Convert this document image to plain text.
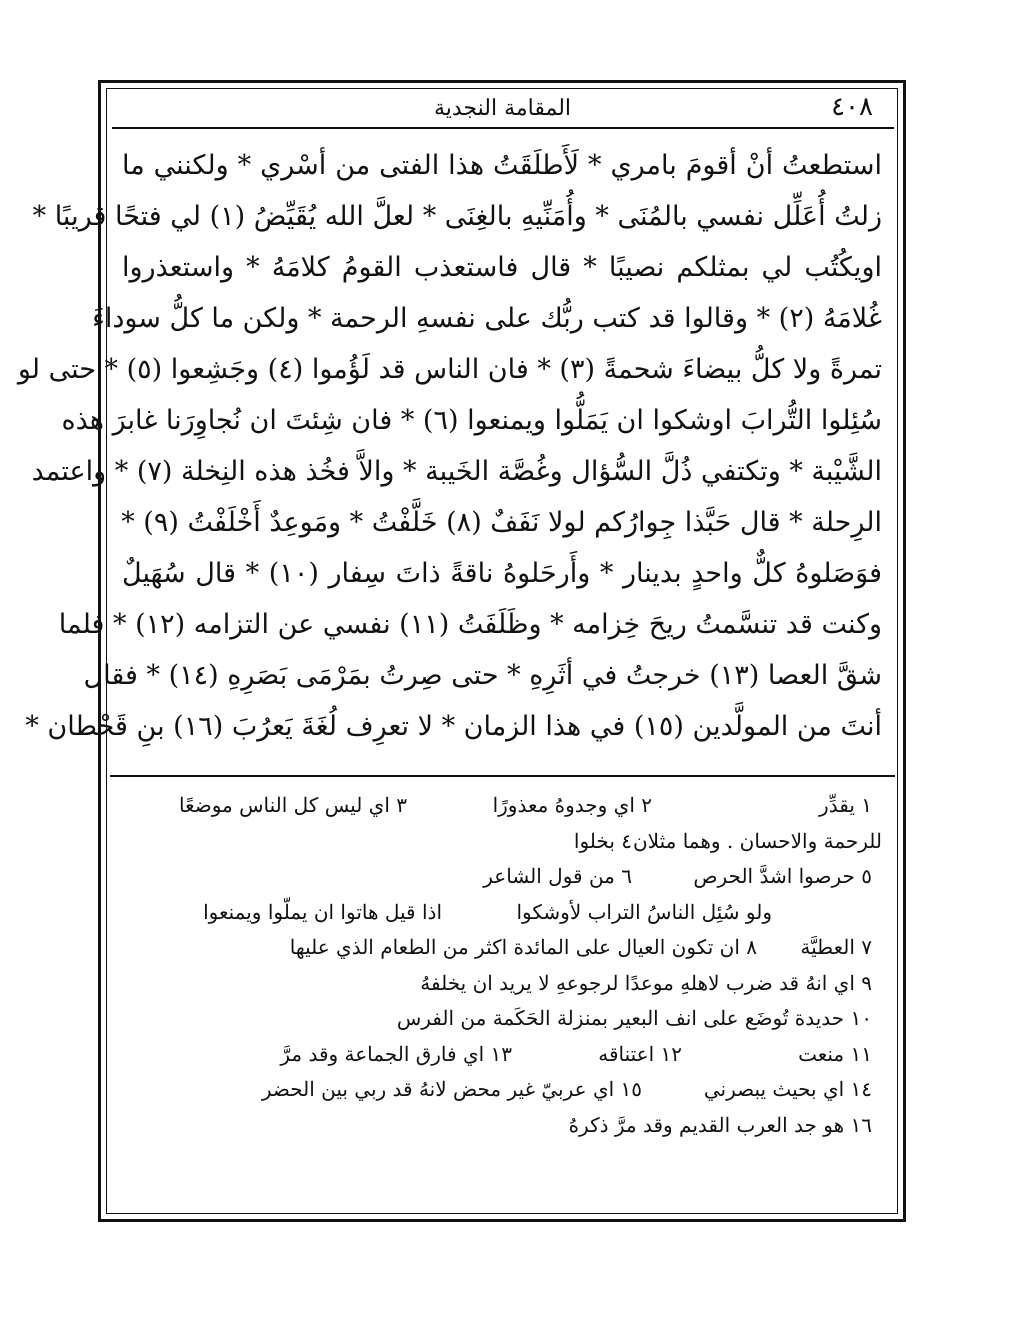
٤٠٨
المقامة النجدية
استطعتُ أنْ أقومَ بامري * لَأَطلَقَتُ هذا الفتى من أسْري * ولكنني ما
زلتُ أُعَلِّل نفسي بالمُنَى * وأُمَنِّيهِ بالغِنَى * لعلَّ الله يُقَيِّضُ (١) لي فتحًا قريبًا *
اويكُتُب لي بمثلكم نصيبًا * قال فاستعذب القومُ كلامَهُ * واستعذروا
غُلامَهُ (٢) * وقالوا قد كتب ربُّك على نفسهِ الرحمة * ولكن ما كلُّ سوداءَ
تمرةً ولا كلُّ بيضاءَ شحمةً (٣) * فان الناس قد لَؤُموا (٤) وجَشِعوا (٥) * حتى لو
سُئِلوا التُّرابَ اوشكوا ان يَمَلُّوا ويمنعوا (٦) * فان شِئتَ ان نُجاوِرَنا غابرَ هذه
الشَّيْبة * وتكتفي ذُلَّ السُّؤال وغُصَّة الخَيبة * والاَّ فخُذ هذه النِخلة (٧) * واعتمد
الرِحلة * قال حَبَّذا جِوارُكم لولا نَفَفٌ (٨) خَلَّفْتُ * ومَوعِدٌ أَخْلَفْتُ (٩) *
فوَصَلوهُ كلٌّ واحدٍ بدينار * وأَرحَلوهُ ناقةً ذاتَ سِفار (١٠) * قال سُهَيلٌ
وكنت قد تنسَّمتُ ريحَ خِزامه * وظَلَفَتُ (١١) نفسي عن التزامه (١٢) * فلما
شقَّ العصا (١٣) خرجتُ في أثَرِهِ * حتى صِرتُ بمَرْمَى بَصَرِهِ (١٤) * فقال
أنتَ من المولَّدين (١٥) في هذا الزمان * لا تعرِف لُغَةَ يَعرُبَ (١٦) بنِ قَحْطان *
١ يقدِّر
٢ اي وجدوهُ معذورًا
٣ اي ليس كل الناس موضعًا
للرحمة والاحسان . وهما مثلان
٤ بخلوا
٥ حرصوا اشدَّ الحرص
٦ من قول الشاعر
ولو سُئِل الناسُ التراب لأوشكوا
اذا قيل هاتوا ان يملّوا ويمنعوا
٧ العطيَّة
٨ ان تكون العيال على المائدة اكثر من الطعام الذي عليها
٩ اي انهُ قد ضرب لاهلهِ موعدًا لرجوعهِ لا يريد ان يخلفهُ
١٠ حديدة تُوضَع على انف البعير بمنزلة الحَكَمة من الفرس
١١ منعت
١٢ اعتناقه
١٣ اي فارق الجماعة وقد مرَّ
١٤ اي بحيث يبصرني
١٥ اي عربيّ غير محض لانهُ قد ربي بين الحضر
١٦ هو جد العرب القديم وقد مرَّ ذكرهُ
